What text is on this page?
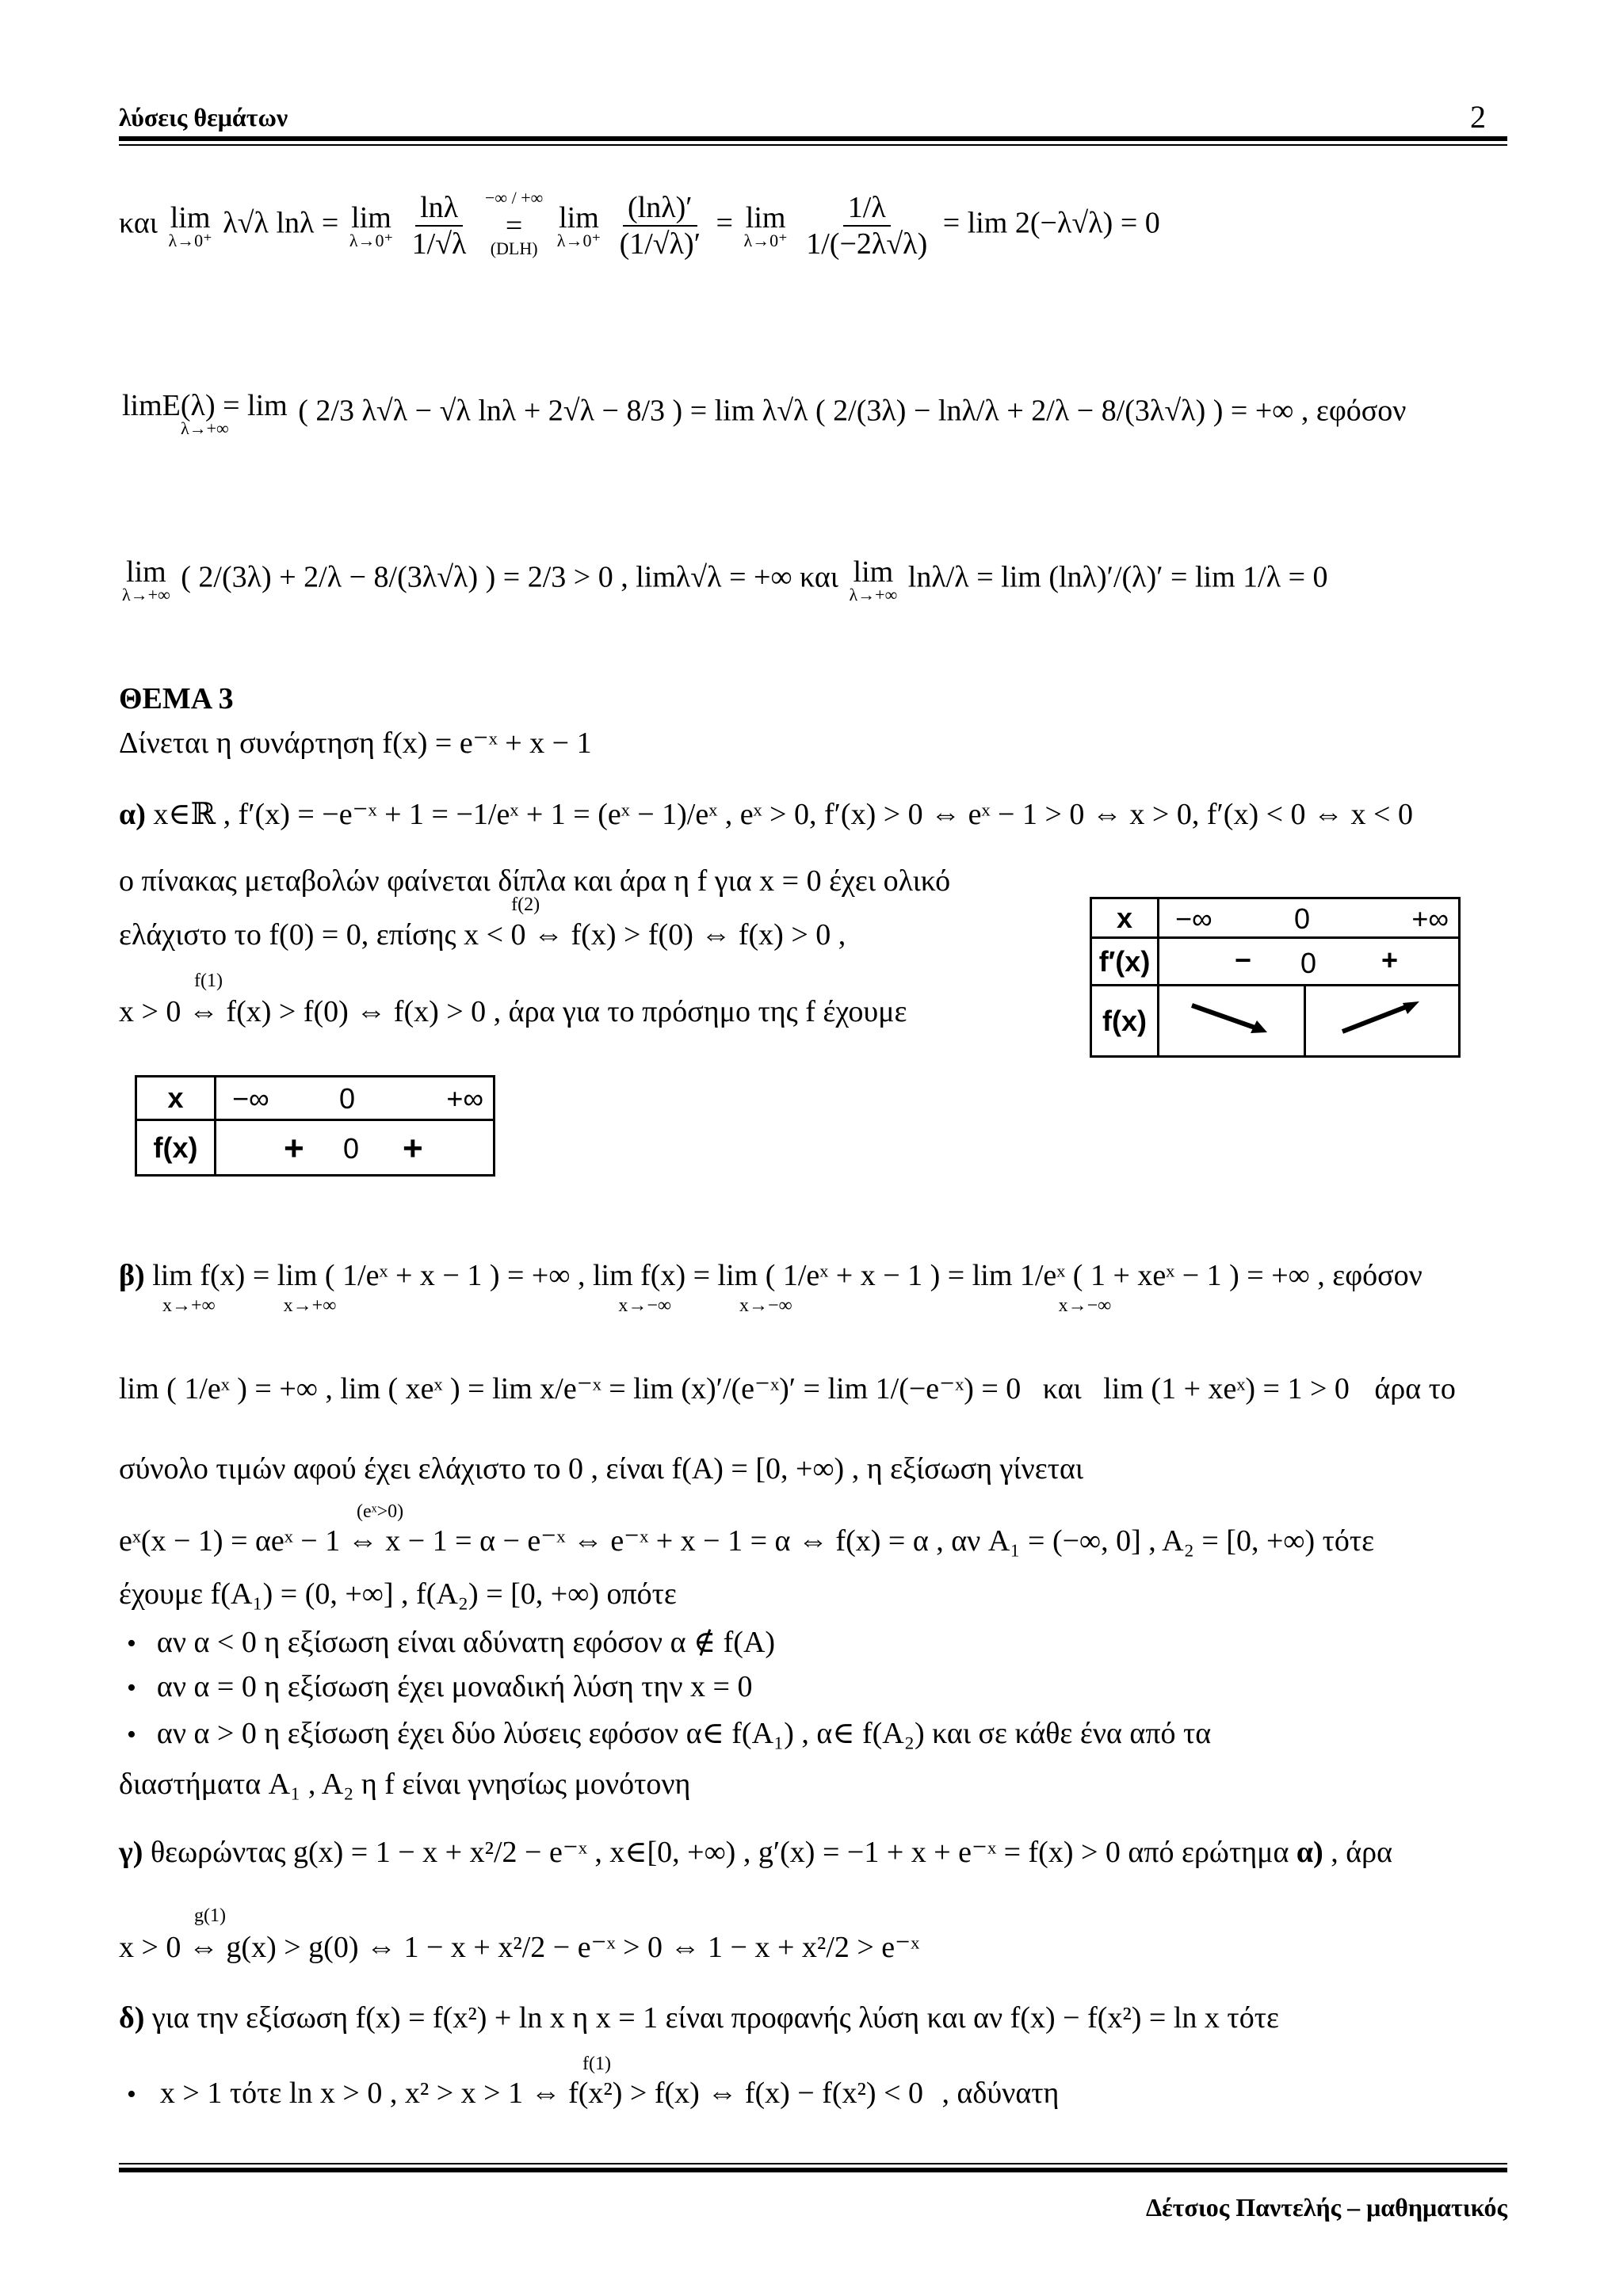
λύσεις θεμάτων	2
και lim
λ→0⁺
λ√λ lnλ = lim
λ→0⁺
$\frac{\ln\lambda}{1/√\lambda}$
−∞ / +∞
=
(DLH)

lim
λ→0⁺
$\frac{(\ln\lambda)'}{(1/√\lambda)'} = \lim$
λ→0⁺
$\frac{1/\lambda}{1/(-2\lambda√\lambda)} = \lim 2(-\lambda√\lambda) = 0$
limE(λ) = lim
λ→+∞
( 2/3 λ√λ − √λ lnλ + 2√λ − 8/3 ) = lim λ√λ ( 2/(3λ) − lnλ/λ + 2/λ − 8/(3λ√λ) ) = +∞ , εφόσον
lim
λ→+∞
( 2/(3λ) + 2/λ − 8/(3λ√λ) ) = 2/3 > 0 , limλ√λ = +∞ και lim
λ→+∞
lnλ/λ = lim (lnλ)′/(λ)′ = lim 1/λ = 0
ΘΕΜΑ 3
Δίνεται η συνάρτηση f(x) = e⁻ˣ + x − 1
α) x∈ℝ , f′(x) = −e⁻ˣ + 1 = −1/eˣ + 1 = (eˣ − 1)/eˣ , eˣ > 0, f′(x) > 0 ⇔ eˣ − 1 > 0 ⇔ x > 0, f′(x) < 0 ⇔ x < 0
ο πίνακας μεταβολών φαίνεται δίπλα και άρα η f για x = 0 έχει ολικό
ελάχιστο το f(0) = 0, επίσης
f(2)
x < 0 ⇔ f(x) > f(0) ⇔ f(x) > 0 ,
f(1)
x > 0 ⇔ f(x) > f(0) ⇔ f(x) > 0 , άρα για το πρόσημο της f έχουμε
x	−∞ 0 +∞	

f′(x)	− 0 +	

f(x)		
x	−∞ 0 +∞

f(x)	+ 0 +
β) lim f(x) = lim ( 1/eˣ + x − 1 ) = +∞ , lim f(x) = lim ( 1/eˣ + x − 1 ) = lim 1/eˣ ( 1 + xeˣ − 1 ) = +∞ , εφόσον
x→+∞	x→+∞	x→−∞	x→−∞	x→−∞
lim ( 1/eˣ ) = +∞ , lim ( xeˣ ) = lim x/e⁻ˣ = lim (x)′/(e⁻ˣ)′ = lim 1/(−e⁻ˣ) = 0 και lim (1 + xeˣ) = 1 > 0 άρα το
σύνολο τιμών αφού έχει ελάχιστο το 0 , είναι f(A) = [0, +∞) , η εξίσωση γίνεται
(eˣ>0)
eˣ(x − 1) = αeˣ − 1 ⇔ x − 1 = α − e⁻ˣ ⇔ e⁻ˣ + x − 1 = α ⇔ f(x) = α , αν A₁ = (−∞, 0] , A₂ = [0, +∞) τότε
έχουμε f(A₁) = (0, +∞] , f(A₂) = [0, +∞) οπότε
• αν α < 0 η εξίσωση είναι αδύνατη εφόσον α ∉ f(A)
• αν α = 0 η εξίσωση έχει μοναδική λύση την x = 0
• αν α > 0 η εξίσωση έχει δύο λύσεις εφόσον α∈ f(A₁) , α∈ f(A₂) και σε κάθε ένα από τα
διαστήματα A₁ , A₂ η f είναι γνησίως μονότονη
γ) θεωρώντας g(x) = 1 − x + x²/2 − e⁻ˣ , x∈[0, +∞) , g′(x) = −1 + x + e⁻ˣ = f(x) > 0 από ερώτημα α) , άρα
g(1)
x > 0 ⇔ g(x) > g(0) ⇔ 1 − x + x²/2 − e⁻ˣ > 0 ⇔ 1 − x + x²/2 > e⁻ˣ
δ) για την εξίσωση f(x) = f(x²) + ln x η x = 1 είναι προφανής λύση και αν f(x) − f(x²) = ln x τότε
f(1)
• x > 1 τότε ln x > 0 , x² > x > 1 ⇔ f(x²) > f(x) ⇔ f(x) − f(x²) < 0 , αδύνατη
Δέτσιος Παντελής – μαθηματικός
